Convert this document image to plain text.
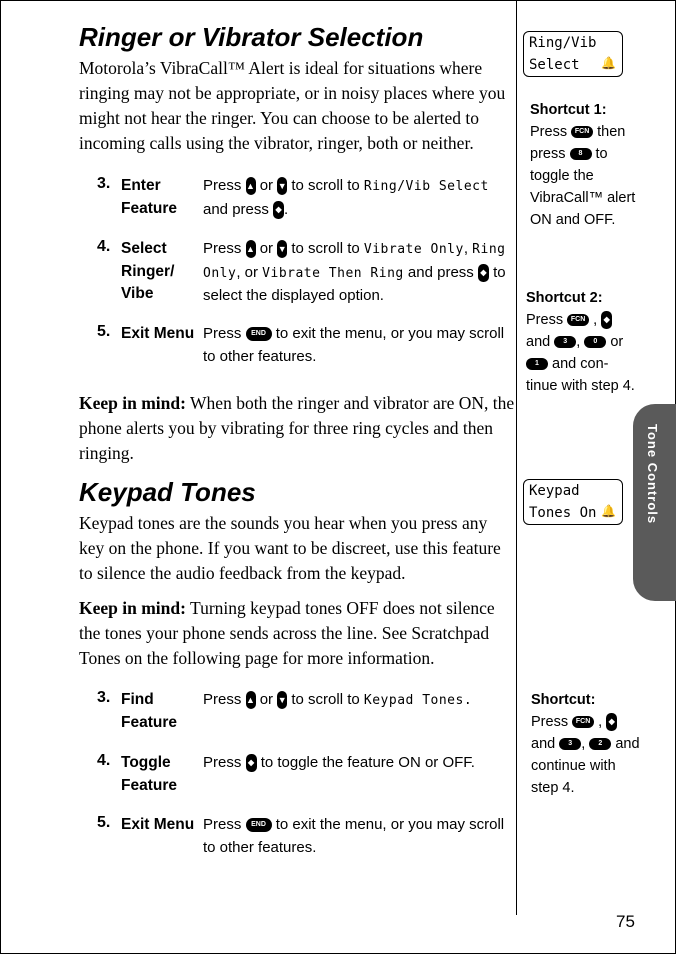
Ringer or Vibrator Selection
Motorola’s VibraCall™ Alert is ideal for situations where ringing may not be appropriate, or in noisy places where you might not hear the ringer. You can choose to be alerted to incoming calls using the vibrator, ringer, both or neither.
3. Enter Feature
Press ▲ or ▼ to scroll to Ring/Vib Select and press ◆ .
4. Select Ringer/ Vibe
Press ▲ or ▼ to scroll to Vibrate Only, Ring Only, or Vibrate Then Ring and press ◆ to select the displayed option.
5. Exit Menu Press END to exit the menu, or you may scroll to other features.
Keep in mind: When both the ringer and vibrator are ON, the phone alerts you by vibrating for three ring cycles and then ringing.
Keypad Tones
Keypad tones are the sounds you hear when you press any key on the phone. If you want to be discreet, use this feature to silence the audio feedback from the keypad.
Keep in mind: Turning keypad tones OFF does not silence the tones your phone sends across the line. See Scratchpad Tones on the following page for more information.
3. Find Feature
Press ▲ or ▼ to scroll to Keypad Tones.
4. Toggle Feature
Press ◆ to toggle the feature ON or OFF.
5. Exit Menu Press END to exit the menu, or you may scroll to other features.
Ring/Vib
Select	🔔
Shortcut 1:
Press FCN then press 8 to toggle the VibraCall™ alert ON and OFF.
Shortcut 2:
Press FCN , ◆ and 3 , 0 or 1 and con- tinue with step 4.
Keypad
Tones On 🔔
Shortcut:
Press FCN , ◆ and 3 , 2 and continue with step 4.
Tone Controls
75
